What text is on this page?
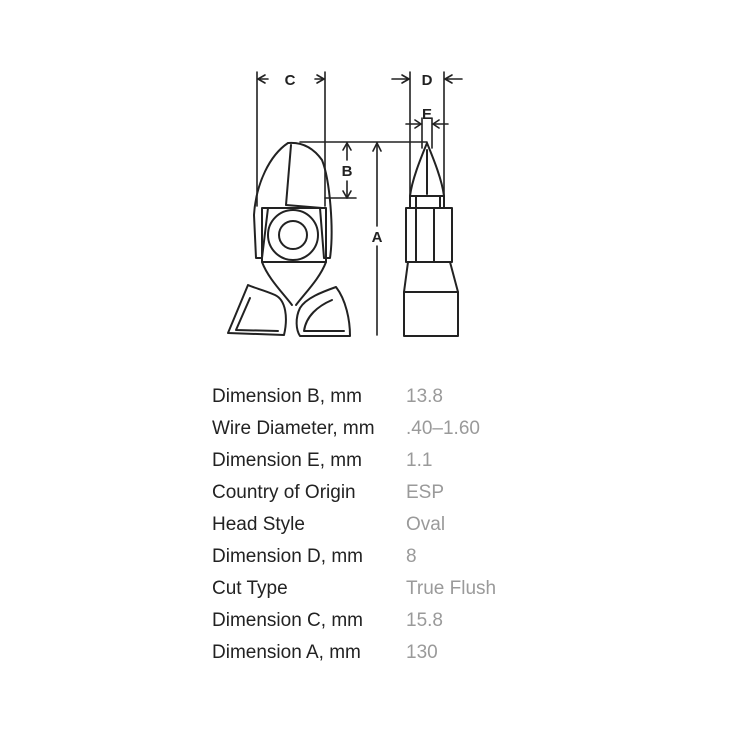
C	D
E
B
A
Dimension B, mm	13.8
Wire Diameter, mm	.40–1.60
Dimension E, mm	1.1
Country of Origin	ESP
Head Style	Oval
Dimension D, mm	8
Cut Type	True Flush
Dimension C, mm	15.8
Dimension A, mm	130
